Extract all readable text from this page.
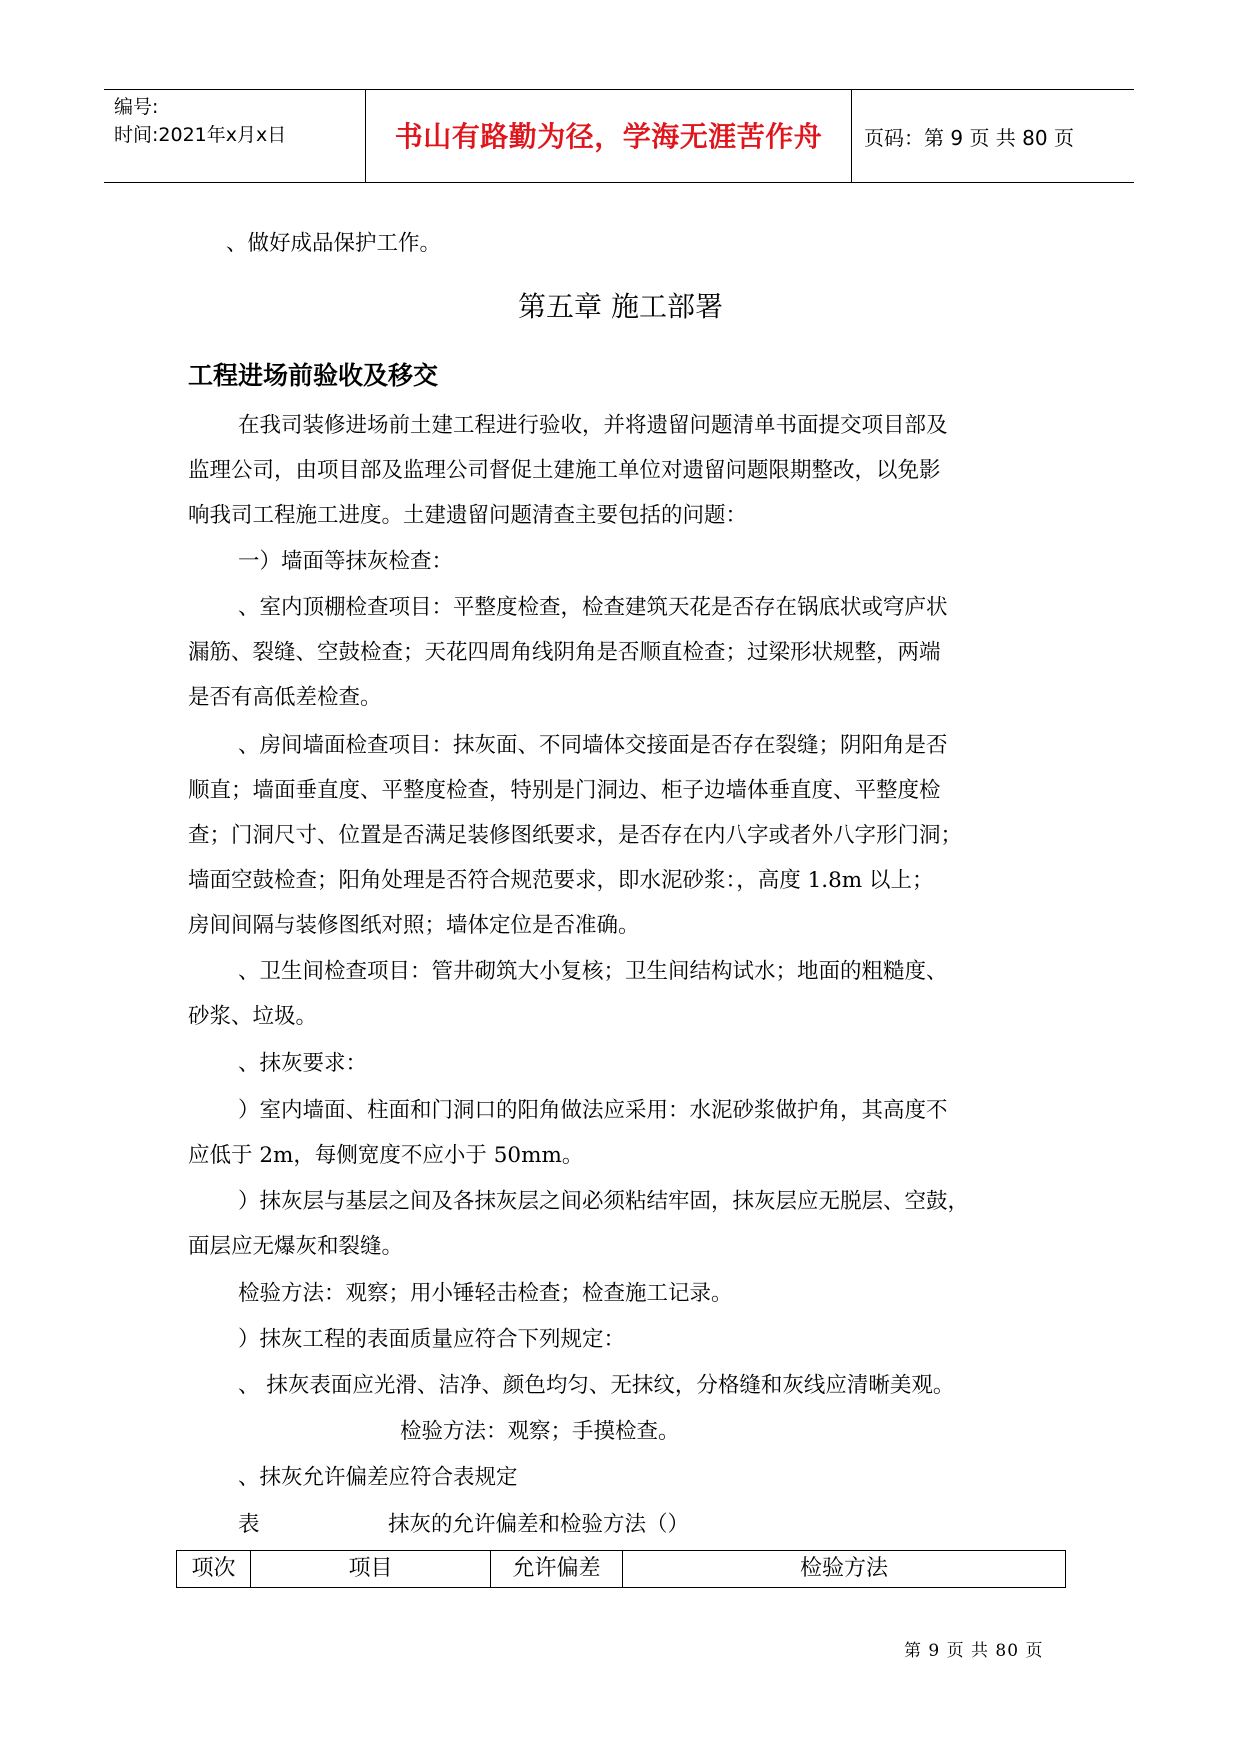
编号:
时间:2021年x月x日	书山有路勤为径，学海无涯苦作舟	页码：第 9 页 共 80 页
、做好成品保护工作。
第五章 施工部署
工程进场前验收及移交
在我司装修进场前土建工程进行验收，并将遗留问题清单书面提交项目部及
监理公司，由项目部及监理公司督促土建施工单位对遗留问题限期整改，以免影
响我司工程施工进度。土建遗留问题清查主要包括的问题：
一）墙面等抹灰检查：
、室内顶棚检查项目：平整度检查，检查建筑天花是否存在锅底状或穹庐状
漏筋、裂缝、空鼓检查；天花四周角线阴角是否顺直检查；过梁形状规整，两端
是否有高低差检查。
、房间墙面检查项目：抹灰面、不同墙体交接面是否存在裂缝；阴阳角是否
顺直；墙面垂直度、平整度检查，特别是门洞边、柜子边墙体垂直度、平整度检
查；门洞尺寸、位置是否满足装修图纸要求，是否存在内八字或者外八字形门洞；
墙面空鼓检查；阳角处理是否符合规范要求，即水泥砂浆：，高度 1.8m 以上；
房间间隔与装修图纸对照；墙体定位是否准确。
、卫生间检查项目：管井砌筑大小复核；卫生间结构试水；地面的粗糙度、
砂浆、垃圾。
、抹灰要求：
）室内墙面、柱面和门洞口的阳角做法应采用：水泥砂浆做护角，其高度不
应低于 2m，每侧宽度不应小于 50mm。
）抹灰层与基层之间及各抹灰层之间必须粘结牢固，抹灰层应无脱层、空鼓，
面层应无爆灰和裂缝。
检验方法：观察；用小锤轻击检查；检查施工记录。
）抹灰工程的表面质量应符合下列规定：
、 抹灰表面应光滑、洁净、颜色均匀、无抹纹，分格缝和灰线应清晰美观。
检验方法：观察；手摸检查。
、抹灰允许偏差应符合表规定
表	抹灰的允许偏差和检验方法（）
项次	项目	允许偏差	检验方法
第 9 页 共 80 页
